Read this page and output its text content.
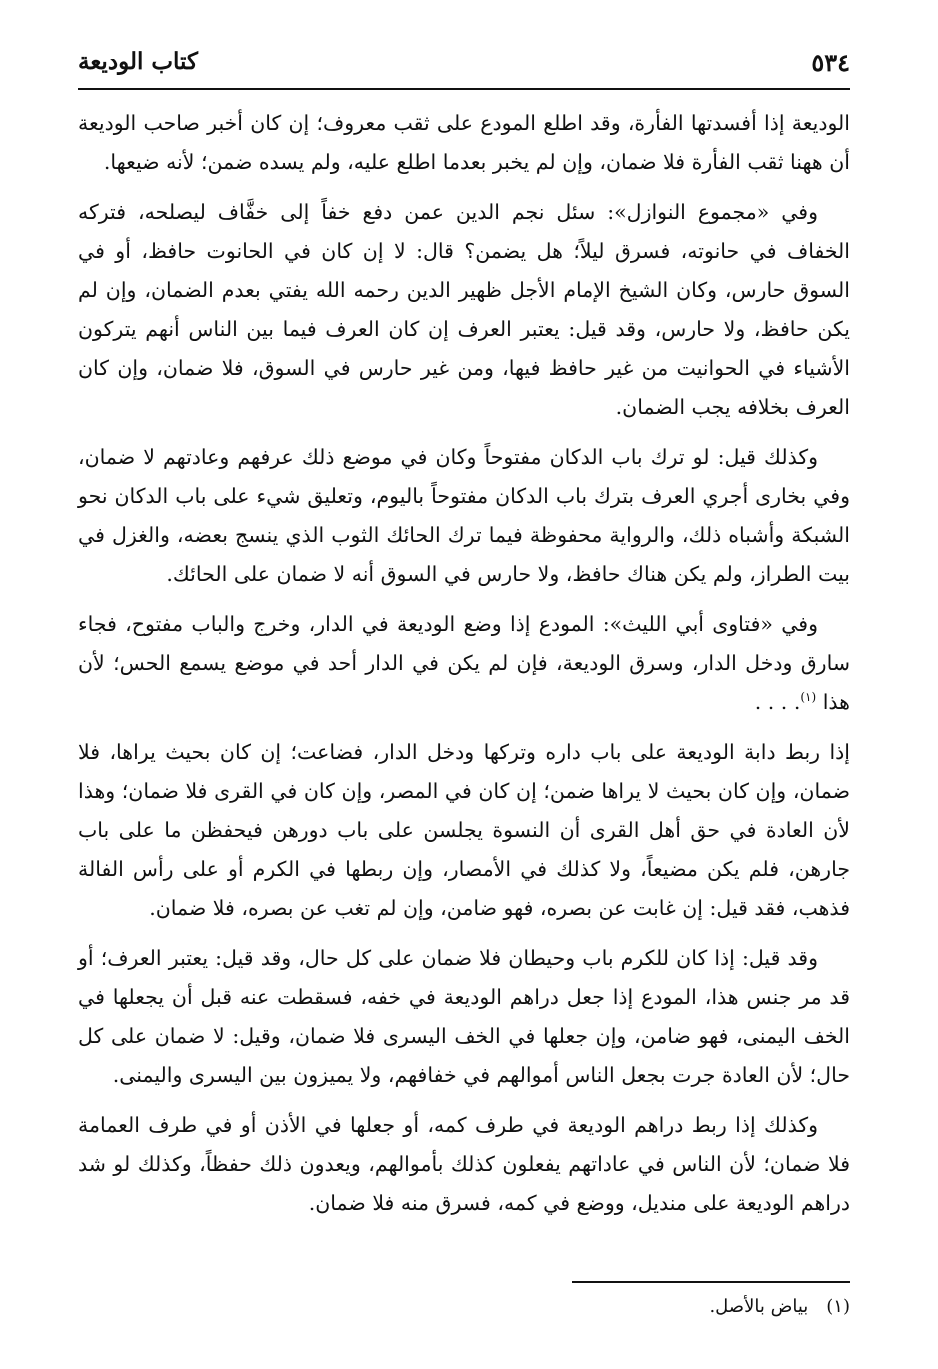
٥٣٤
كتاب الوديعة

الوديعة إذا أفسدتها الفأرة، وقد اطلع المودع على ثقب معروف؛ إن كان أخبر صاحب الوديعة أن ههنا ثقب الفأرة فلا ضمان، وإن لم يخبر بعدما اطلع عليه، ولم يسده ضمن؛ لأنه ضيعها.

وفي «مجموع النوازل»: سئل نجم الدين عمن دفع خفاً إلى خفَّاف ليصلحه، فتركه الخفاف في حانوته، فسرق ليلاً؛ هل يضمن؟ قال: لا إن كان في الحانوت حافظ، أو في السوق حارس، وكان الشيخ الإمام الأجل ظهير الدين رحمه الله يفتي بعدم الضمان، وإن لم يكن حافظ، ولا حارس، وقد قيل: يعتبر العرف إن كان العرف فيما بين الناس أنهم يتركون الأشياء في الحوانيت من غير حافظ فيها، ومن غير حارس في السوق، فلا ضمان، وإن كان العرف بخلافه يجب الضمان.

وكذلك قيل: لو ترك باب الدكان مفتوحاً وكان في موضع ذلك عرفهم وعادتهم لا ضمان، وفي بخارى أجري العرف بترك باب الدكان مفتوحاً باليوم، وتعليق شيء على باب الدكان نحو الشبكة وأشباه ذلك، والرواية محفوظة فيما ترك الحائك الثوب الذي ينسج بعضه، والغزل في بيت الطراز، ولم يكن هناك حافظ، ولا حارس في السوق أنه لا ضمان على الحائك.

وفي «فتاوى أبي الليث»: المودع إذا وضع الوديعة في الدار، وخرج والباب مفتوح، فجاء سارق ودخل الدار، وسرق الوديعة، فإن لم يكن في الدار أحد في موضع يسمع الحس؛ لأن هذا $^{(١)}$. . . .

إذا ربط دابة الوديعة على باب داره وتركها ودخل الدار، فضاعت؛ إن كان بحيث يراها، فلا ضمان، وإن كان بحيث لا يراها ضمن؛ إن كان في المصر، وإن كان في القرى فلا ضمان؛ وهذا لأن العادة في حق أهل القرى أن النسوة يجلسن على باب دورهن فيحفظن ما على باب جارهن، فلم يكن مضيعاً، ولا كذلك في الأمصار، وإن ربطها في الكرم أو على رأس الفالة فذهب، فقد قيل: إن غابت عن بصره، فهو ضامن، وإن لم تغب عن بصره، فلا ضمان.

وقد قيل: إذا كان للكرم باب وحيطان فلا ضمان على كل حال، وقد قيل: يعتبر العرف؛ أو قد مر جنس هذا، المودع إذا جعل دراهم الوديعة في خفه، فسقطت عنه قبل أن يجعلها في الخف اليمنى، فهو ضامن، وإن جعلها في الخف اليسرى فلا ضمان، وقيل: لا ضمان على كل حال؛ لأن العادة جرت بجعل الناس أموالهم في خفافهم، ولا يميزون بين اليسرى واليمنى.

وكذلك إذا ربط دراهم الوديعة في طرف كمه، أو جعلها في الأذن أو في طرف العمامة فلا ضمان؛ لأن الناس في عاداتهم يفعلون كذلك بأموالهم، ويعدون ذلك حفظاً، وكذلك لو شد دراهم الوديعة على منديل، ووضع في كمه، فسرق منه فلا ضمان.

(١)بياض بالأصل.
